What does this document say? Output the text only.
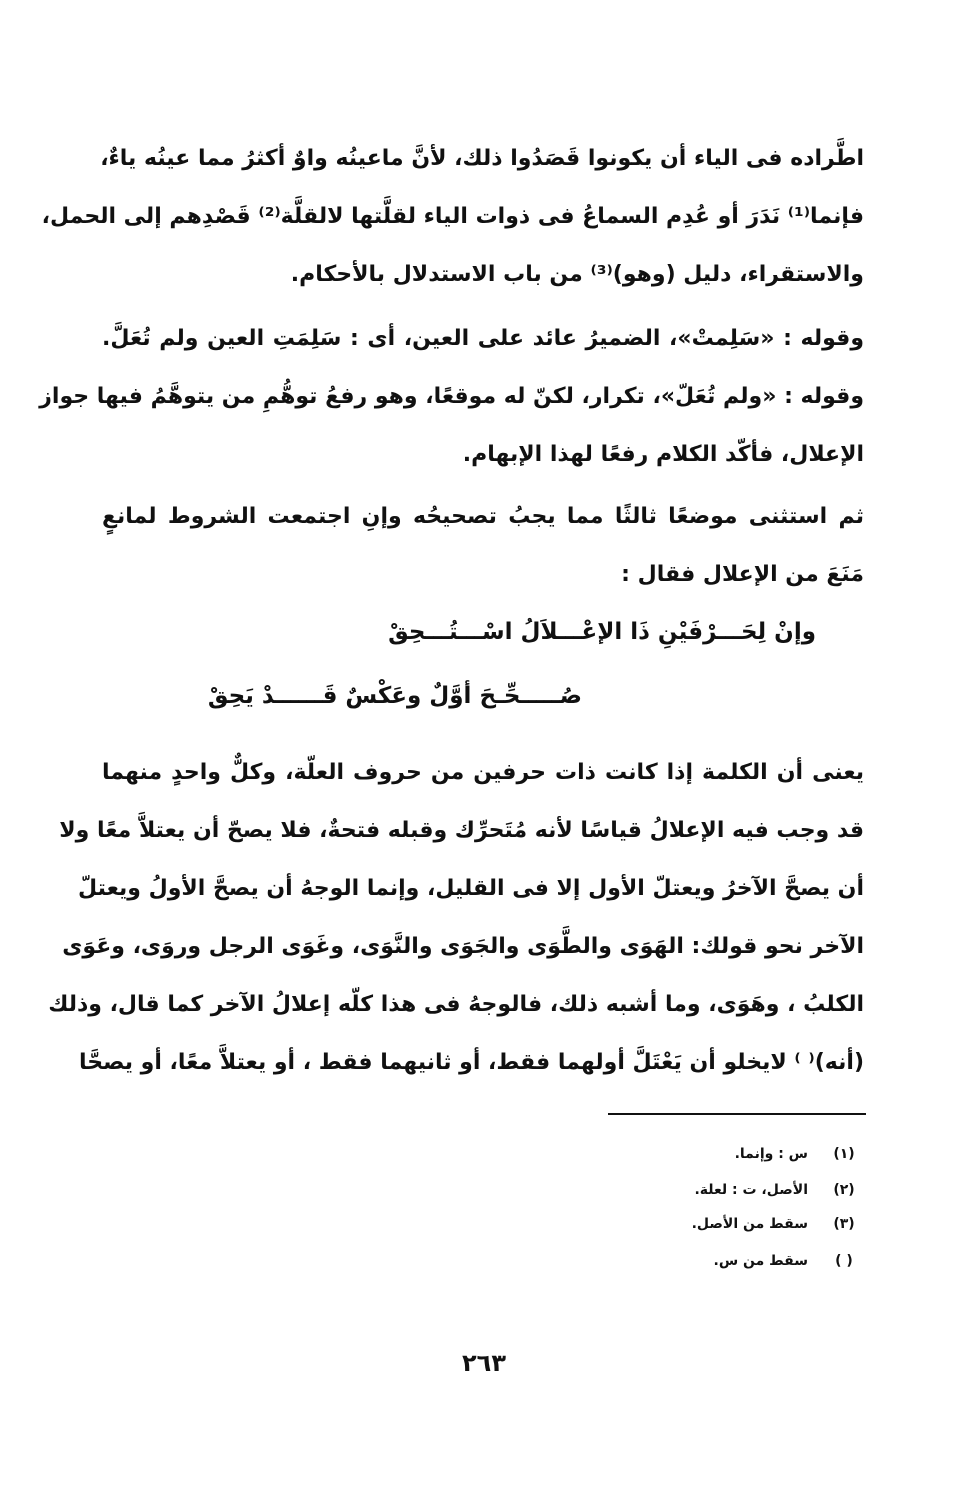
اطَّراده فى الياء أن يكونوا قَصَدُوا ذلك، لأنَّ ماعينُه واوٌ أكثرُ مما عينُه ياءٌ،
فإنما⁽¹⁾ نَدَرَ أو عُدِم السماعُ فى ذوات الياء لقلَّتها لالقلَّة⁽²⁾ قَصْدِهم إلى الحمل،
والاستقراء، دليل (وهو)⁽³⁾ من باب الاستدلال بالأحكام.
وقوله : «سَلِمتْ»، الضميرُ عائد على العين، أى : سَلِمَتِ العين ولم تُعَلَّ.
وقوله : «ولم تُعَلّ»، تكرار، لكنّ له موقعًا، وهو رفعُ توهُّمِ من يتوهَّمُ فيها جواز
الإعلال، فأكّد الكلام رفعًا لهذا الإبهام.
ثم استثنى موضعًا ثالثًا مما يجبُ تصحيحُه وإنِ اجتمعت الشروط لمانعٍ
مَنَعَ من الإعلال فقال :
وإنْ لِحَـــرْفَيْنِ ذَا الإعْـــلاَلُ اسْـــتُـــحِقْ
صُـــــحِّـحَ أوَّلٌ وعَكْسٌ قَــــــدْ يَحِقْ
يعنى أن الكلمة إذا كانت ذات حرفين من حروف العلّة، وكلٌّ واحدٍ منهما
قد وجب فيه الإعلالُ قياسًا لأنه مُتَحرِّك وقبله فتحةٌ، فلا يصحّ أن يعتلاَّ معًا ولا
أن يصحَّ الآخرُ ويعتلّ الأول إلا فى القليل، وإنما الوجهُ أن يصحَّ الأولُ ويعتلّ
الآخر نحو قولك: الهَوَى والطَّوَى والجَوَى والنَّوَى، وغَوَى الرجل وروَى، وعَوَى
الكلبُ ، وهَوَى، وما أشبه ذلك، فالوجهُ فى هذا كلّه إعلالُ الآخر كما قال، وذلك
(أنه)⁽ ⁾ لايخلو أن يَعْتَلَّ أولهما فقط، أو ثانيهما فقط ، أو يعتلاَّ معًا، أو يصحَّا
(١)
س : وإنما.
(٢)
الأصل، ت : لعلة.
(٣)
سقط من الأصل.
( )
سقط من س.
٢٦٣
